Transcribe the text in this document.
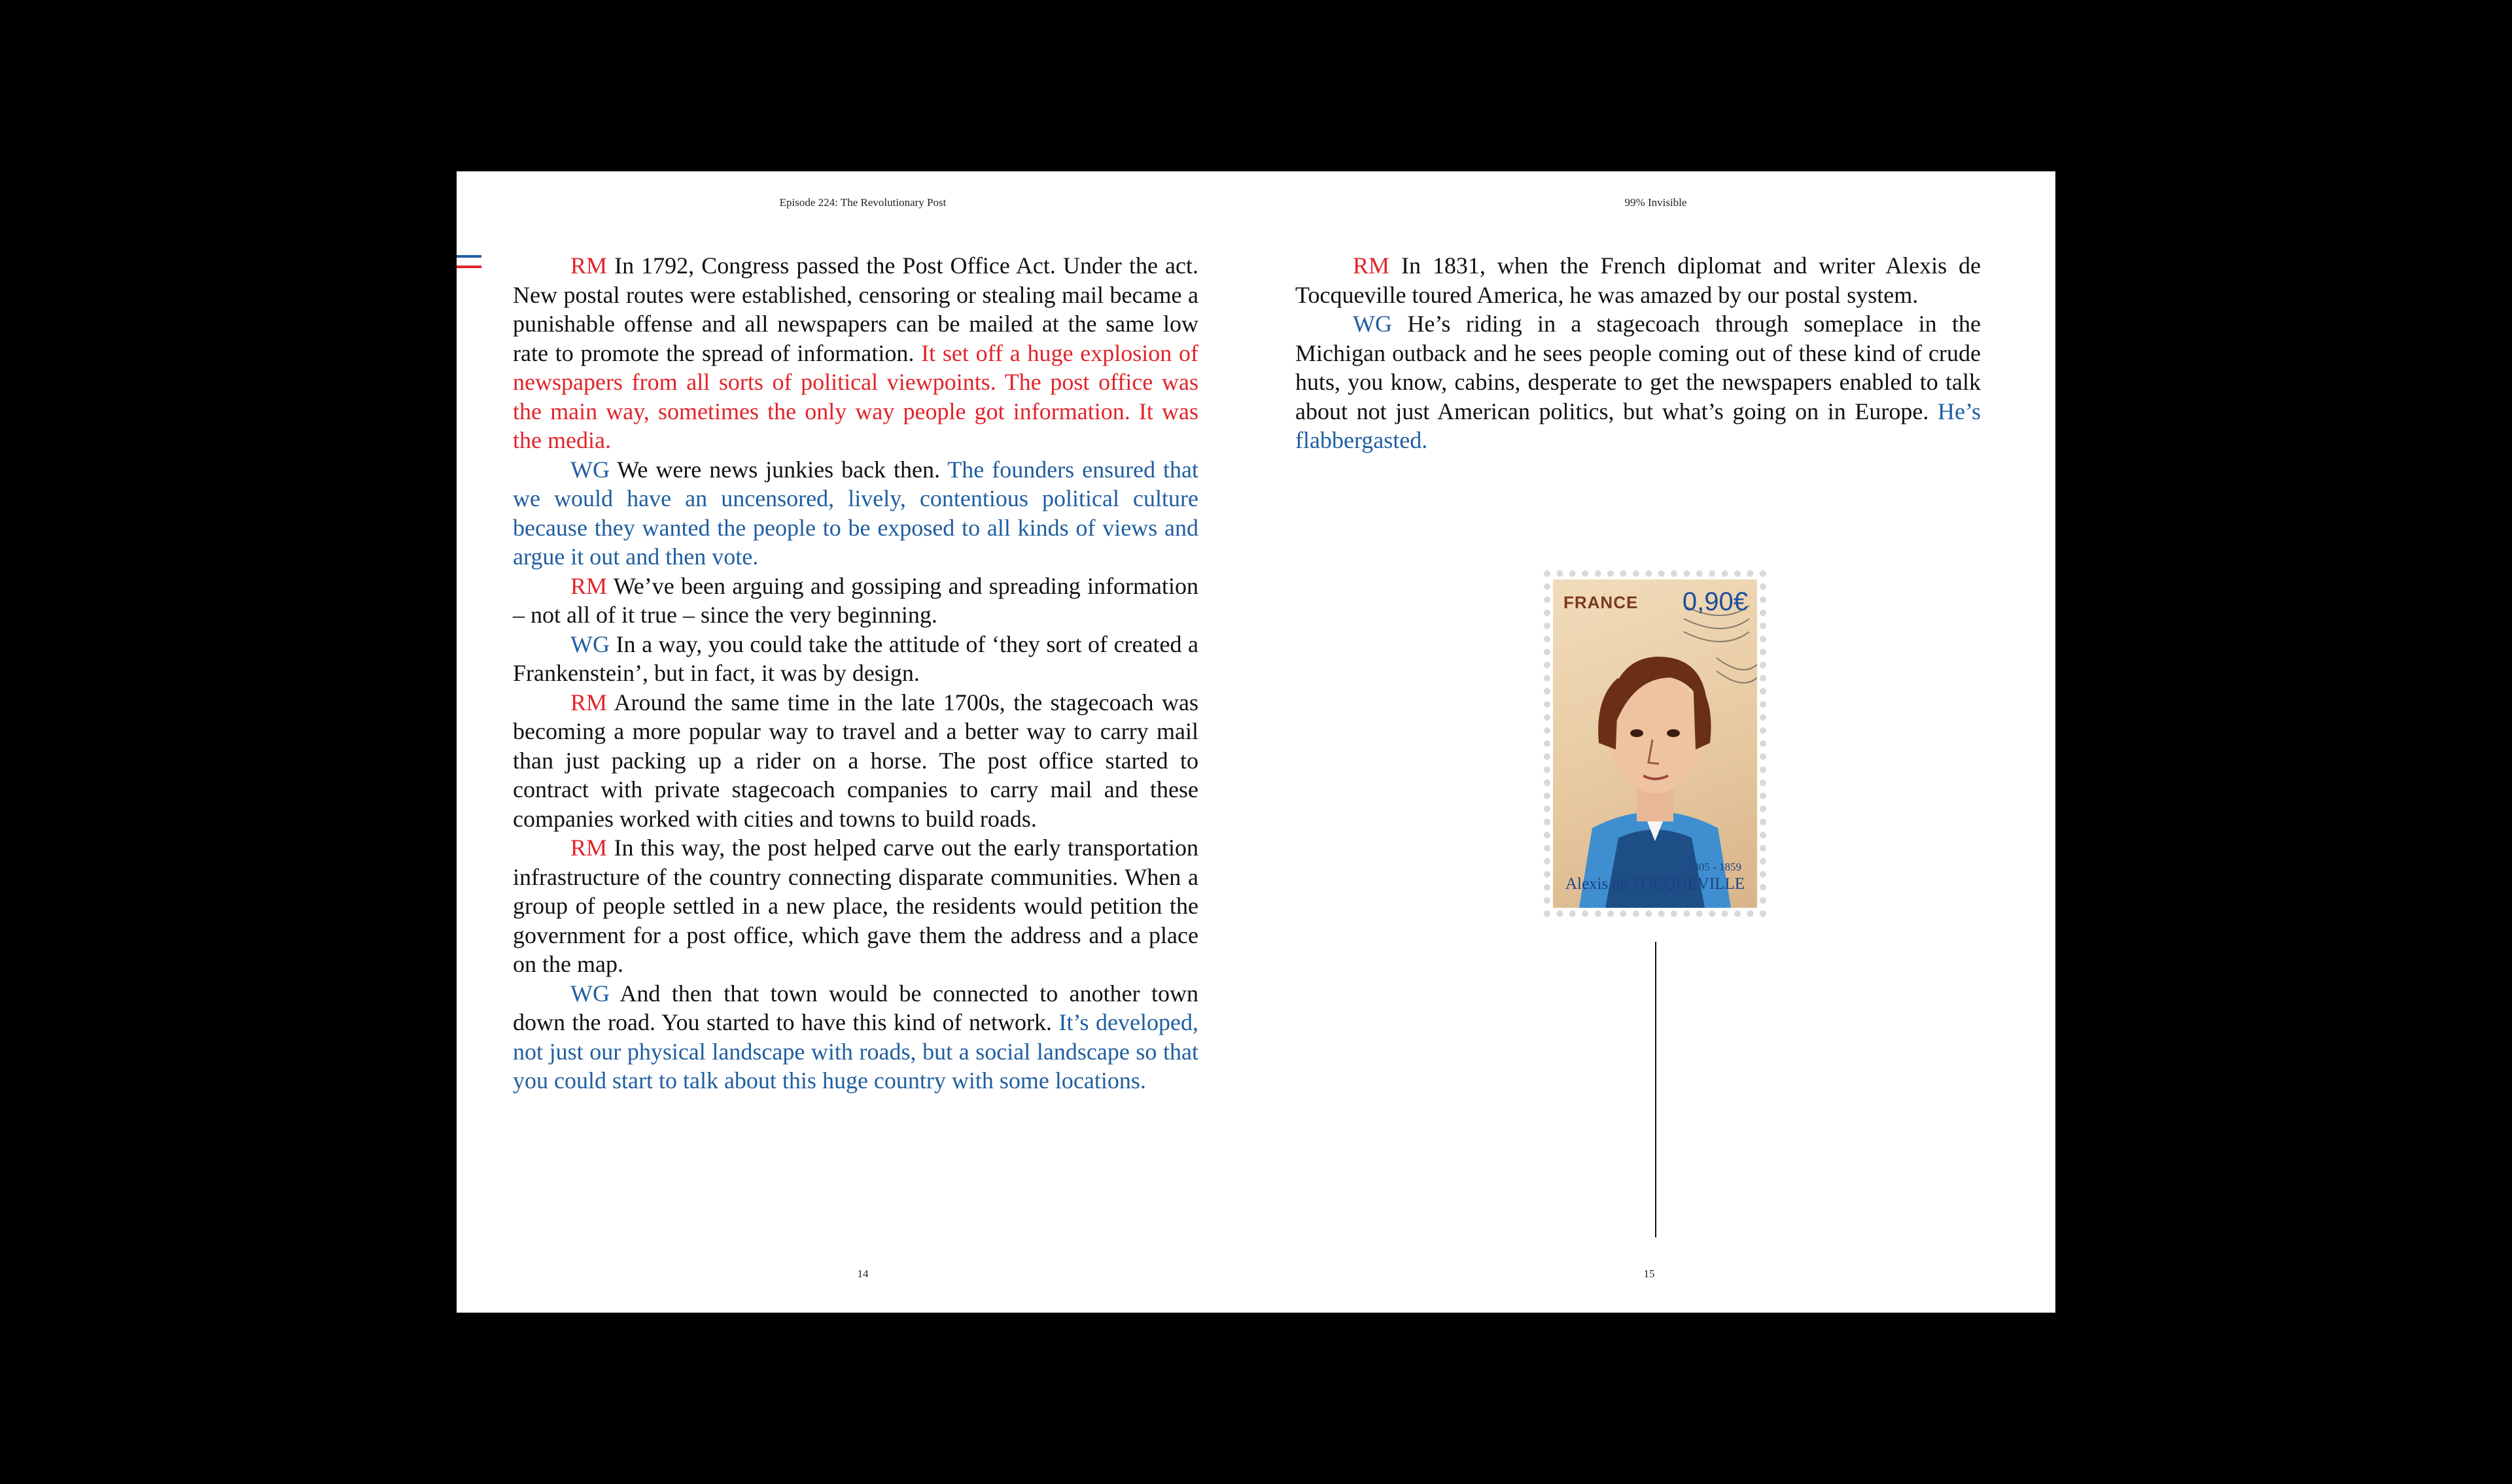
Episode 224: The Revolutionary Post

RM In 1792, Congress passed the Post Office Act. Under the act. New postal routes were established, censoring or stealing mail became a punishable offense and all newspapers can be mailed at the same low rate to promote the spread of information. It set off a huge explosion of newspapers from all sorts of political viewpoints. The post office was the main way, sometimes the only way people got information. It was the media.

WG We were news junkies back then. The founders ensured that we would have an uncensored, lively, contentious political culture because they wanted the people to be exposed to all kinds of views and argue it out and then vote.

RM We’ve been arguing and gossiping and spreading information – not all of it true – since the very beginning.

WG In a way, you could take the attitude of ‘they sort of created a Frankenstein’, but in fact, it was by design.

RM Around the same time in the late 1700s, the stagecoach was becoming a more popular way to travel and a better way to carry mail than just packing up a rider on a horse. The post office started to contract with private stagecoach companies to carry mail and these companies worked with cities and towns to build roads.

RM In this way, the post helped carve out the early transportation infrastructure of the country connecting disparate communities. When a group of people settled in a new place, the residents would petition the government for a post office, which gave them the address and a place on the map.

WG And then that town would be connected to another town down the road. You started to have this kind of network. It’s developed, not just our physical landscape with roads, but a social landscape so that you could start to talk about this huge country with some locations.

14
99% Invisible

RM In 1831, when the French diplomat and writer Alexis de Tocqueville toured America, he was amazed by our postal system.

WG He’s riding in a stagecoach through someplace in the Michigan outback and he sees people coming out of these kind of crude huts, you know, cabins, desperate to get the newspapers enabled to talk about not just American politics, but what’s going on in Europe. He’s flabbergasted.

FRANCE 0,90€
1805 - 1859
Alexis de TOCQUEVILLE
15
